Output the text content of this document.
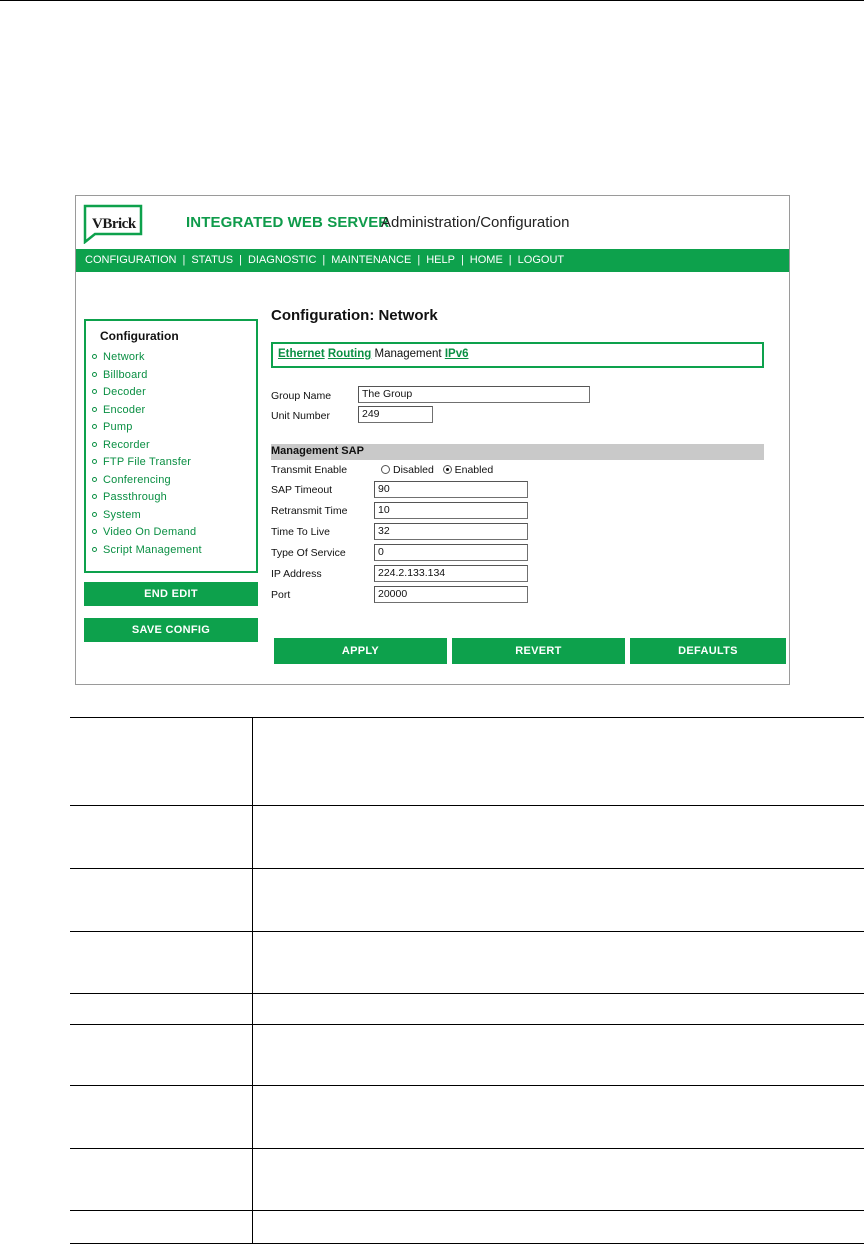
VBrick	INTEGRATED WEB SERVER
Administration/Configuration
CONFIGURATION | STATUS | DIAGNOSTIC | MAINTENANCE | HELP | HOME | LOGOUT
Configuration
Network
Billboard
Decoder
Encoder
Pump
Recorder
FTP File Transfer
Conferencing
Passthrough
System
Video On Demand
Script Management
END EDIT
SAVE CONFIG
Configuration: Network
Ethernet Routing Management IPv6
Group Name	The Group
Unit Number	249
Management SAP
Transmit Enable	Disabled Enabled
SAP Timeout	90
Retransmit Time	10
Time To Live	32
Type Of Service	0
IP Address	224.2.133.134
Port	20000
APPLY	REVERT	DEFAULTS
